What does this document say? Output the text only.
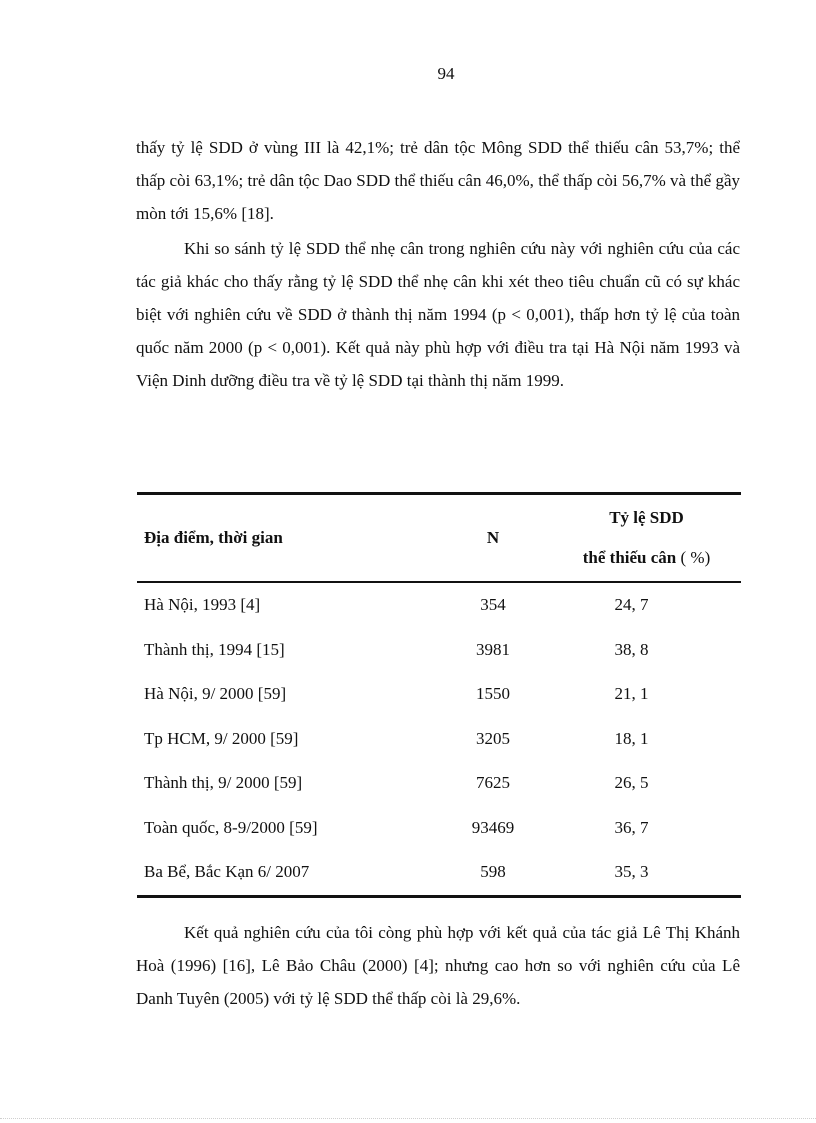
94

thấy tỷ lệ SDD ở vùng III là 42,1%; trẻ dân tộc Mông SDD thể thiếu cân 53,7%; thể thấp còi 63,1%; trẻ dân tộc Dao SDD thể thiếu cân 46,0%, thể thấp còi 56,7% và thể gầy mòn tới 15,6% [18].

Khi so sánh tỷ lệ SDD thể nhẹ cân trong nghiên cứu này với nghiên cứu của các tác giả khác cho thấy rằng tỷ lệ SDD thể nhẹ cân khi xét theo tiêu chuẩn cũ có sự khác biệt với nghiên cứu về SDD ở thành thị năm 1994 (p < 0,001), thấp hơn tỷ lệ của toàn quốc năm 2000 (p < 0,001). Kết quả này phù hợp với điều tra tại Hà Nội năm 1993 và Viện Dinh dưỡng điều tra về tỷ lệ SDD tại thành thị năm 1999.

Địa điểm, thời gian	N	Tỷ lệ SDD
thể thiếu cân ( %)
Hà Nội, 1993 [4]	354	24, 7
Thành thị, 1994 [15]	3981	38, 8
Hà Nội, 9/ 2000 [59]	1550	21, 1
Tp HCM, 9/ 2000 [59]	3205	18, 1
Thành thị, 9/ 2000 [59]	7625	26, 5
Toàn quốc, 8-9/2000 [59]	93469	36, 7
Ba Bể, Bắc Kạn 6/ 2007	598	35, 3

Kết quả nghiên cứu của tôi còng phù hợp với kết quả của tác giả Lê Thị Khánh Hoà (1996) [16], Lê Bảo Châu (2000) [4]; nhưng cao hơn so với nghiên cứu của Lê Danh Tuyên (2005) với tỷ lệ SDD thể thấp còi là 29,6%.
